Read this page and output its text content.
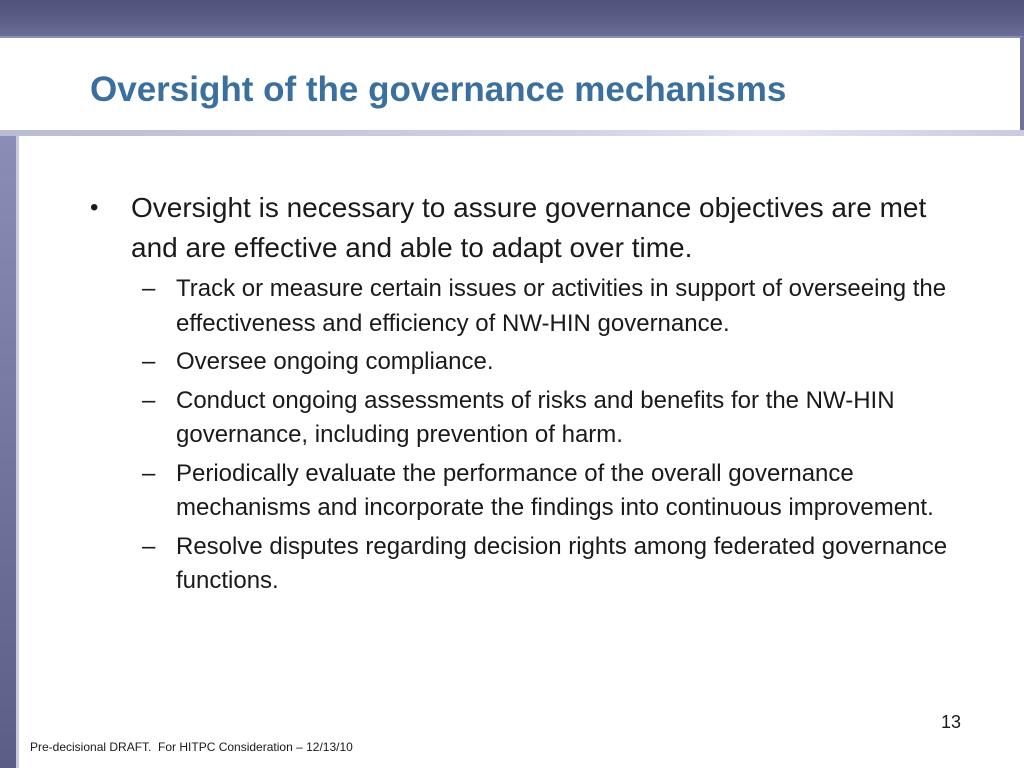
Oversight of the governance mechanisms
• Oversight is necessary to assure governance objectives are met and are effective and able to adapt over time.
– Track or measure certain issues or activities in support of overseeing the effectiveness and efficiency of NW-HIN governance.
– Oversee ongoing compliance.
– Conduct ongoing assessments of risks and benefits for the NW-HIN governance, including prevention of harm.
– Periodically evaluate the performance of the overall governance mechanisms and incorporate the findings into continuous improvement.
– Resolve disputes regarding decision rights among federated governance functions.
13
Pre-decisional DRAFT.  For HITPC Consideration – 12/13/10
